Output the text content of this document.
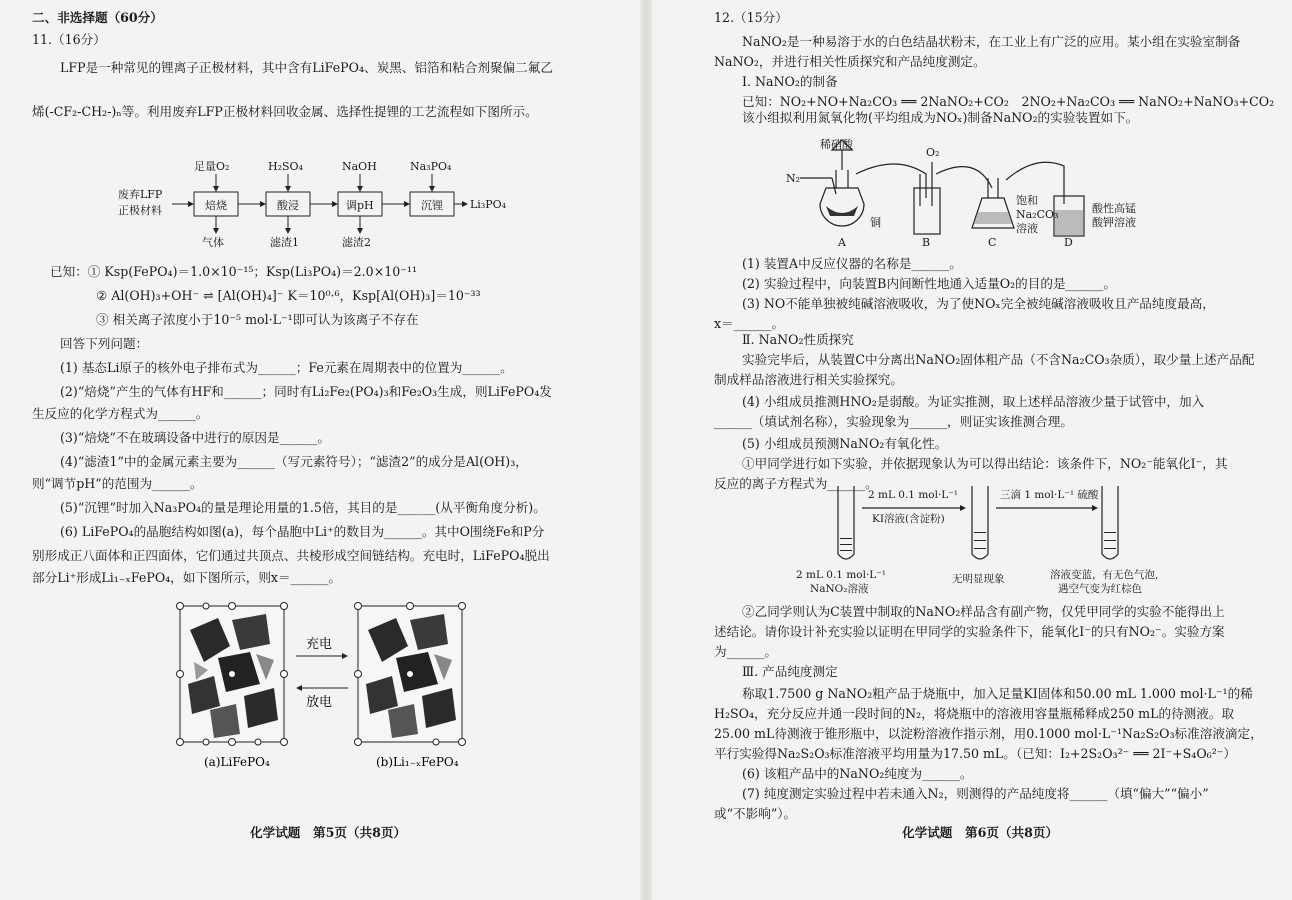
二、非选择题（60分）
11.（16分）
LFP是一种常见的锂离子正极材料，其中含有LiFePO₄、炭黑、铝箔和粘合剂聚偏二氟乙
烯(-CF₂-CH₂-)ₙ等。利用废弃LFP正极材料回收金属、选择性提锂的工艺流程如下图所示。
废弃LFP
正极材料	焙烧	酸浸	调pH	沉锂 Li₃PO₄
足量O₂	H₂SO₄	NaOH	Na₃PO₄
气体	滤渣1	滤渣2
已知：① Ksp(FePO₄)＝1.0×10⁻¹⁵；Ksp(Li₃PO₄)＝2.0×10⁻¹¹
② Al(OH)₃+OH⁻ ⇌ [Al(OH)₄]⁻ K＝10⁰·⁶，Ksp[Al(OH)₃]＝10⁻³³
③ 相关离子浓度小于10⁻⁵ mol·L⁻¹即可认为该离子不存在
回答下列问题：
(1) 基态Li原子的核外电子排布式为______；Fe元素在周期表中的位置为______。
(2)“焙烧”产生的气体有HF和______；同时有Li₂Fe₂(PO₄)₃和Fe₂O₃生成，则LiFePO₄发
生反应的化学方程式为______。
(3)“焙烧”不在玻璃设备中进行的原因是______。
(4)“滤渣1”中的金属元素主要为______（写元素符号）；“滤渣2”的成分是Al(OH)₃，
则“调节pH”的范围为______。
(5)“沉锂”时加入Na₃PO₄的量是理论用量的1.5倍，其目的是______(从平衡角度分析)。
(6) LiFePO₄的晶胞结构如图(a)，每个晶胞中Li⁺的数目为______。其中O围绕Fe和P分
别形成正八面体和正四面体，它们通过共顶点、共棱形成空间链结构。充电时，LiFePO₄脱出
部分Li⁺形成Li₁₋ₓFePO₄，如下图所示，则x＝______。
充电
放电
(a)LiFePO₄	(b)Li₁₋ₓFePO₄
化学试题　第5页（共8页）
12.（15分）
NaNO₂是一种易溶于水的白色结晶状粉末，在工业上有广泛的应用。某小组在实验室制备
NaNO₂，并进行相关性质探究和产品纯度测定。
Ⅰ. NaNO₂的制备
已知：NO₂+NO+Na₂CO₃ ══ 2NaNO₂+CO₂　2NO₂+Na₂CO₃ ══ NaNO₂+NaNO₃+CO₂
该小组拟利用氮氧化物(平均组成为NOₓ)制备NaNO₂的实验装置如下。
稀硝酸
N₂
O₂
铜
饱和
Na₂CO₃
溶液
酸性高锰
酸钾溶液
A	B	C	D
(1) 装置A中反应仪器的名称是______。
(2) 实验过程中，向装置B内间断性地通入适量O₂的目的是______。
(3) NO不能单独被纯碱溶液吸收，为了使NOₓ完全被纯碱溶液吸收且产品纯度最高，
x＝______。
Ⅱ. NaNO₂性质探究
实验完毕后，从装置C中分离出NaNO₂固体粗产品（不含Na₂CO₃杂质），取少量上述产品配
制成样品溶液进行相关实验探究。
(4) 小组成员推测HNO₂是弱酸。为证实推测，取上述样品溶液少量于试管中，加入
______（填试剂名称），实验现象为______，则证实该推测合理。
(5) 小组成员预测NaNO₂有氧化性。
①甲同学进行如下实验，并依据现象认为可以得出结论：该条件下，NO₂⁻能氧化I⁻，其
反应的离子方程式为______。
2 mL 0.1 mol·L⁻¹
KI溶液(含淀粉)
三滴 1 mol·L⁻¹ 硫酸
2 mL 0.1 mol·L⁻¹
NaNO₂溶液
无明显现象	溶液变蓝，有无色气泡,
遇空气变为红棕色
②乙同学则认为C装置中制取的NaNO₂样品含有副产物，仅凭甲同学的实验不能得出上
述结论。请你设计补充实验以证明在甲同学的实验条件下，能氧化I⁻的只有NO₂⁻。实验方案
为______。
Ⅲ. 产品纯度测定
称取1.7500 g NaNO₂粗产品于烧瓶中，加入足量KI固体和50.00 mL 1.000 mol·L⁻¹的稀
H₂SO₄，充分反应并通一段时间的N₂，将烧瓶中的溶液用容量瓶稀释成250 mL的待测液。取
25.00 mL待测液于锥形瓶中，以淀粉溶液作指示剂，用0.1000 mol·L⁻¹Na₂S₂O₃标准溶液滴定，
平行实验得Na₂S₂O₃标准溶液平均用量为17.50 mL。（已知：I₂+2S₂O₃²⁻ ══ 2I⁻+S₄O₆²⁻）
(6) 该粗产品中的NaNO₂纯度为______。
(7) 纯度测定实验过程中若未通入N₂，则测得的产品纯度将______（填“偏大”“偏小”
或“不影响”）。
化学试题　第6页（共8页）
